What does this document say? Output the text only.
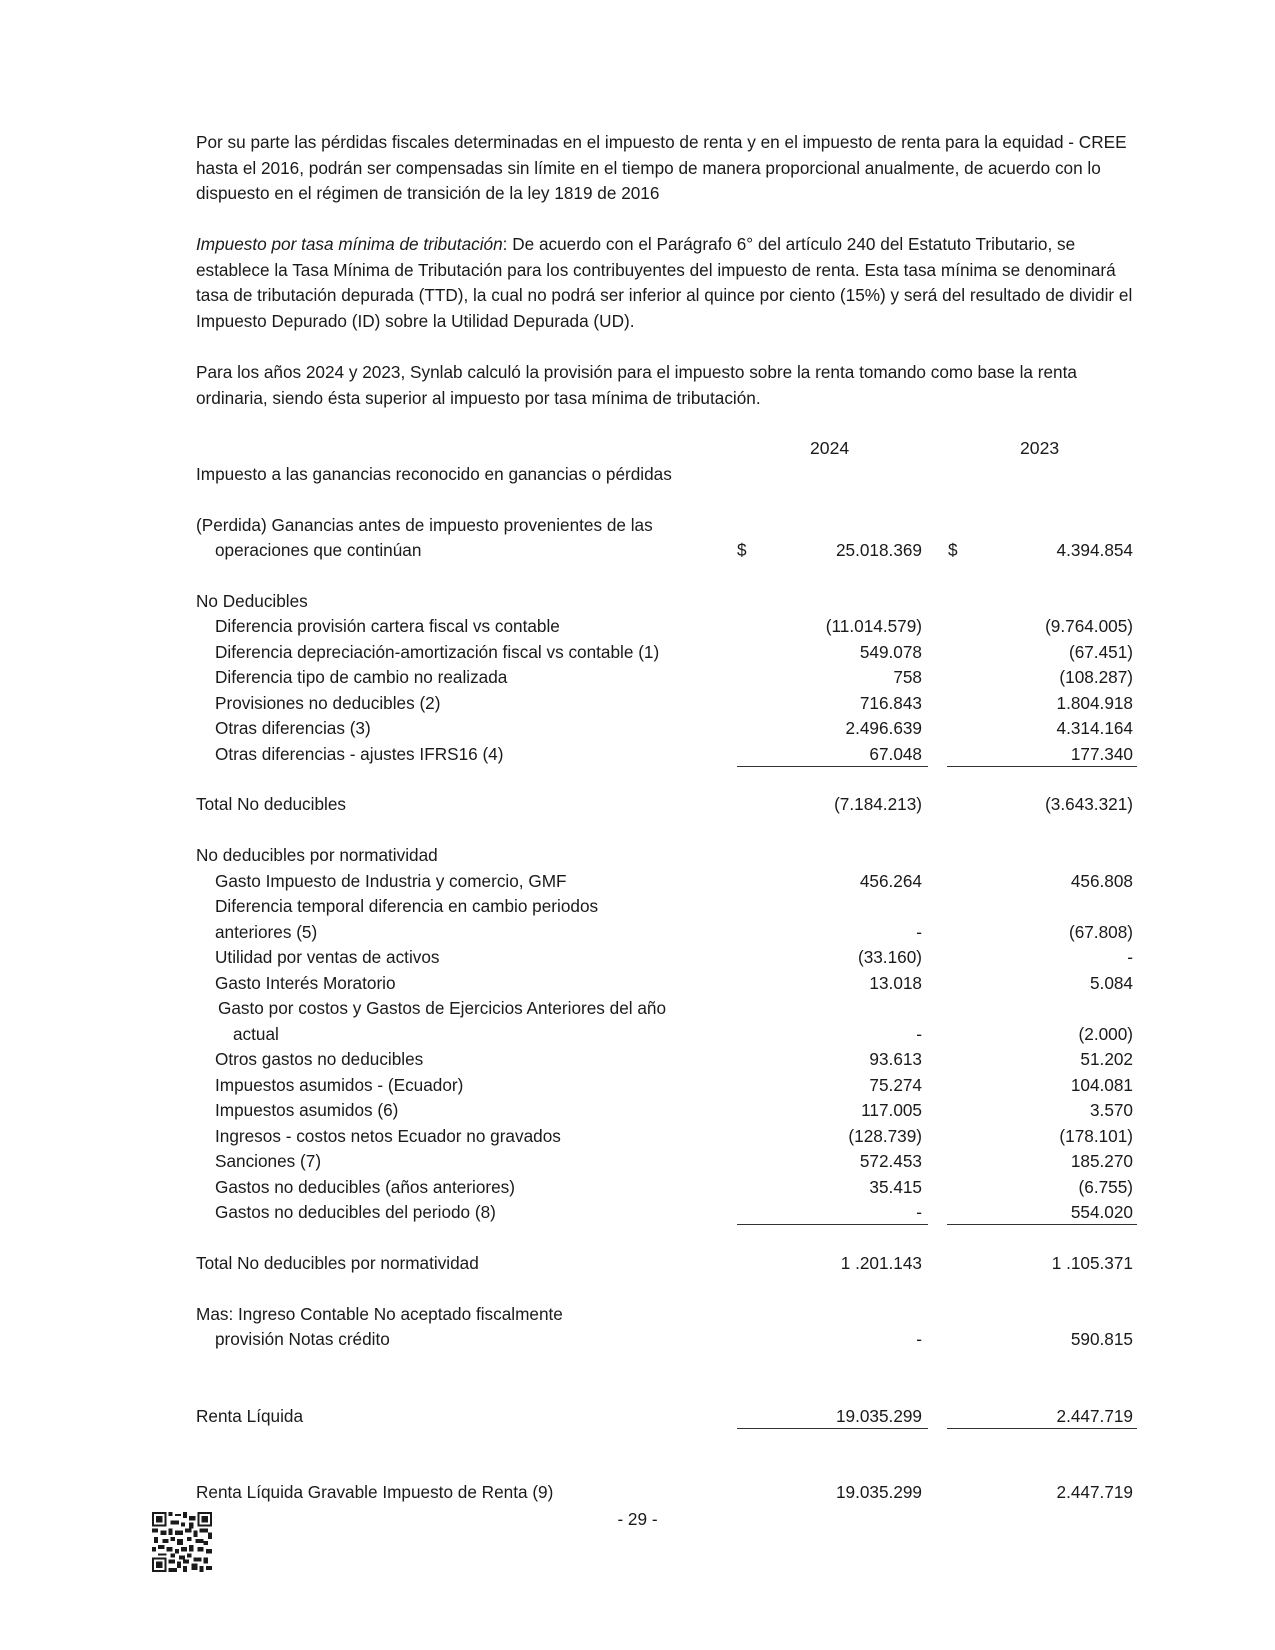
Por su parte las pérdidas fiscales determinadas en el impuesto de renta y en el impuesto de renta para la equidad - CREE hasta el 2016, podrán ser compensadas sin límite en el tiempo de manera proporcional anualmente, de acuerdo con lo dispuesto en el régimen de transición de la ley 1819 de 2016

Impuesto por tasa mínima de tributación: De acuerdo con el Parágrafo 6° del artículo 240 del Estatuto Tributario, se establece la Tasa Mínima de Tributación para los contribuyentes del impuesto de renta. Esta tasa mínima se denominará tasa de tributación depurada (TTD), la cual no podrá ser inferior al quince por ciento (15%) y será del resultado de dividir el Impuesto Depurado (ID) sobre la Utilidad Depurada (UD).

Para los años 2024 y 2023, Synlab calculó la provisión para el impuesto sobre la renta tomando como base la renta ordinaria, siendo ésta superior al impuesto por tasa mínima de tributación.

2024	2023
Impuesto a las ganancias reconocido en ganancias o pérdidas
(Perdida) Ganancias antes de impuesto provenientes de las
operaciones que continúan	$	25.018.369 $	4.394.854
No Deducibles
Diferencia provisión cartera fiscal vs contable	(11.014.579)	(9.764.005)
Diferencia depreciación-amortización fiscal vs contable (1)	549.078	(67.451)
Diferencia tipo de cambio no realizada	758	(108.287)
Provisiones no deducibles (2)	716.843	1.804.918
Otras diferencias (3)	2.496.639	4.314.164
Otras diferencias - ajustes IFRS16 (4)	67.048	177.340
Total No deducibles	(7.184.213)	(3.643.321)
No deducibles por normatividad
Gasto Impuesto de Industria y comercio, GMF	456.264	456.808
Diferencia temporal diferencia en cambio periodos
anteriores (5)	-	(67.808)
Utilidad por ventas de activos	(33.160)	-
Gasto Interés Moratorio	13.018	5.084
Gasto por costos y Gastos de Ejercicios Anteriores del año
actual	-	(2.000)
Otros gastos no deducibles	93.613	51.202
Impuestos asumidos - (Ecuador)	75.274	104.081
Impuestos asumidos (6)	117.005	3.570
Ingresos - costos netos Ecuador no gravados	(128.739)	(178.101)
Sanciones (7)	572.453	185.270
Gastos no deducibles (años anteriores)	35.415	(6.755)
Gastos no deducibles del periodo (8)	-	554.020
Total No deducibles por normatividad	1 .201.143	1 .105.371
Mas: Ingreso Contable No aceptado fiscalmente
provisión Notas crédito	-	590.815
Renta Líquida	19.035.299	2.447.719
Renta Líquida Gravable Impuesto de Renta (9)	19.035.299	2.447.719
- 29 -
